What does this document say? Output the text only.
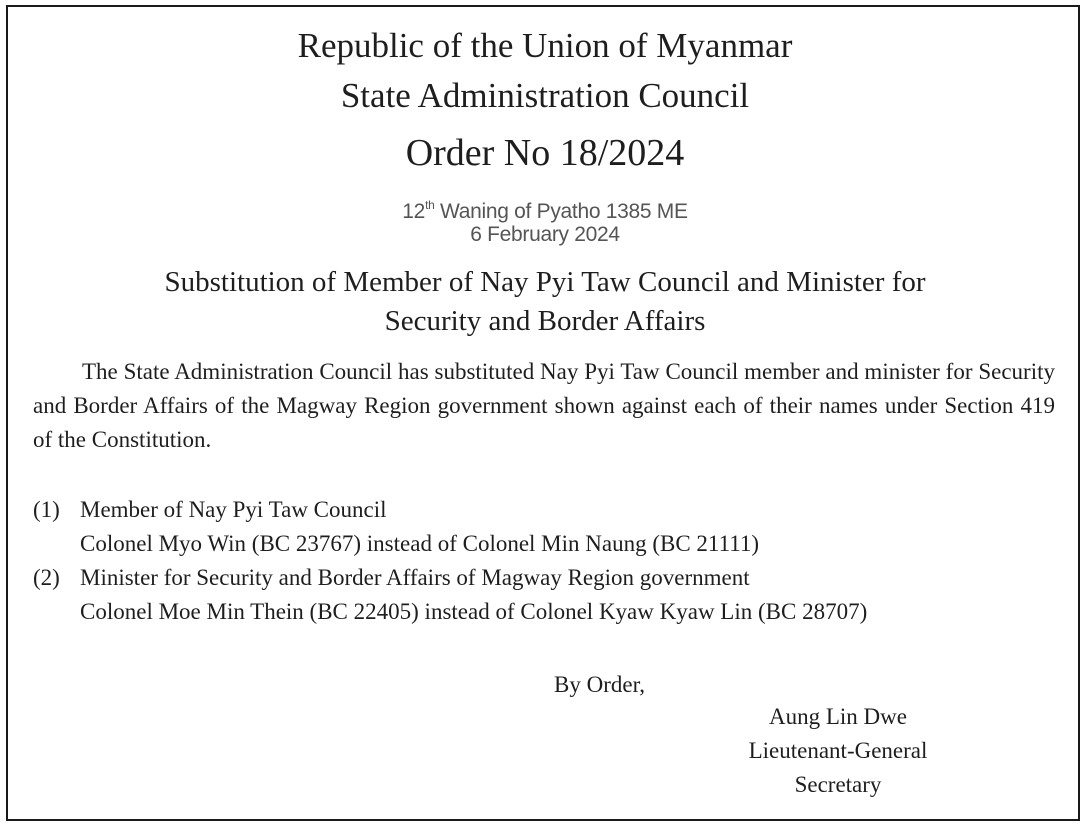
Republic of the Union of Myanmar
State Administration Council
Order No 18/2024
12th Waning of Pyatho 1385 ME
6 February 2024
Substitution of Member of Nay Pyi Taw Council and Minister for
Security and Border Affairs
The State Administration Council has substituted Nay Pyi Taw Council member and minister for Security and Border Affairs of the Magway Region government shown against each of their names under Section 419 of the Constitution.
(1) Member of Nay Pyi Taw Council
Colonel Myo Win (BC 23767) instead of Colonel Min Naung (BC 21111)
(2) Minister for Security and Border Affairs of Magway Region government
Colonel Moe Min Thein (BC 22405) instead of Colonel Kyaw Kyaw Lin (BC 28707)
By Order,
Aung Lin Dwe
Lieutenant-General
Secretary
